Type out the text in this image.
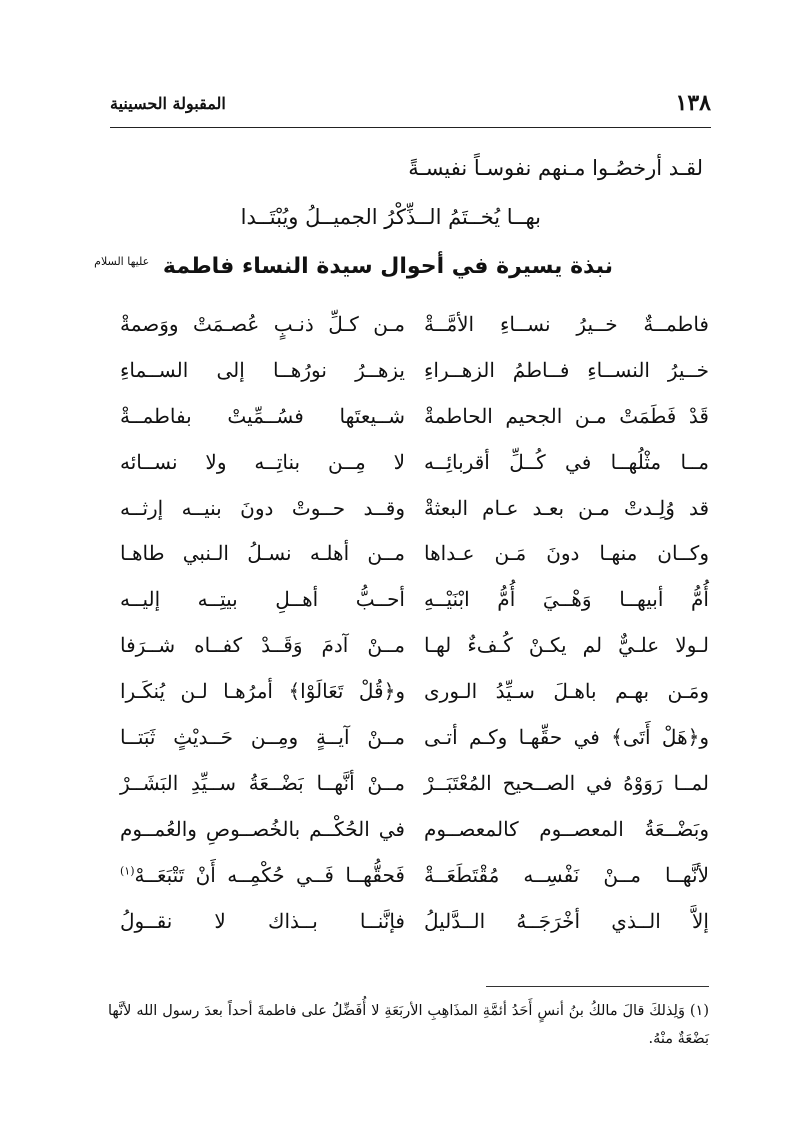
١٣٨
المقبولة الحسينية
لقـد أرخصُـوا مـنهم نفوسـاً نفيسـةً
بهــا يُخــتَمُ الــذِّكْرُ الجميــلُ ويُبْتَــدا
نبذة يسيرة في أحوال سيدة النساء فاطمة $^{عليها السلام}$
فاطمــةٌ خــيرُ نســاءِ الأمَّــةْ
مـن كـلِّ ذنـبٍ عُصـمَتْ ووَصمةْ
خــيرُ النســاءِ فــاطمُ الزهــراءِ
يزهــرُ نورُهــا إلى الســماءِ
قَدْ فَطَمَتْ مـن الجحيم الحاطمةْ
شــيعتَها فسُــمِّيتْ بفاطمــةْ
مــا مثْلُهــا في كُــلِّ أقربائِــه
لا مِــن بناتِــه ولا نســائه
قد وُلِـدتْ مـن بعـد عـام البعثةْ
وقــد حــوتْ دونَ بنيــه إرثــه
وكــان منهـا دونَ مَـن عـداها
مــن أهلـه نسـلُ الـنبي طاهـا
أُمُّ أبيهــا وَهْــيَ أُمُّ ابْنَيْــهِ
أحــبُّ أهــلِ بيتِــه إليــه
لـولا علـيٌّ لم يكـنْ كُـفءٌ لهـا
مــنْ آدمَ وَقَــدْ كفــاه شــرَفا
ومَـن بهـم باهـلَ سـيِّدُ الـورى
و﴿قُلْ تَعَالَوْا﴾ أمرُهـا لـن يُنكَـرا
و﴿هَلْ أَتَى﴾ في حقِّهـا وكـم أتـى
مــنْ آيــةٍ ومِــن حَــديْثٍ ثَبَتــا
لمــا رَوَوْهُ في الصــحيح المُعْتَبَــرْ
مــنْ أنَّهــا بَضْــعَةُ ســيِّدِ البَشَــرْ
وبَضْــعَةُ المعصــوم كالمعصــوم
في الحُكْــم بالخُصــوصِ والعُمــوم
لأنَّهــا مــنْ نَفْسِــه مُقْتَطَعَــةْ
فَحقُّهــا فَــي حُكْمِــه أَنْ تَتْبَعَــهْ$^{(١)}$
إلاَّ الــذي أخْرَجَــهُ الــدَّليلُ
فإنَّنــا بــذاك لا نقــولُ
(١) وَلِذلكَ قالَ مالكُ بنُ أنسٍ أَحَدُ أئمَّةِ المذَاهِبِ الأربَعَةِ لا أُفَضِّلُ على فاطمةَ أحداً بعدَ رسول الله لأنَّها بَضْعَةٌ منْهُ.
